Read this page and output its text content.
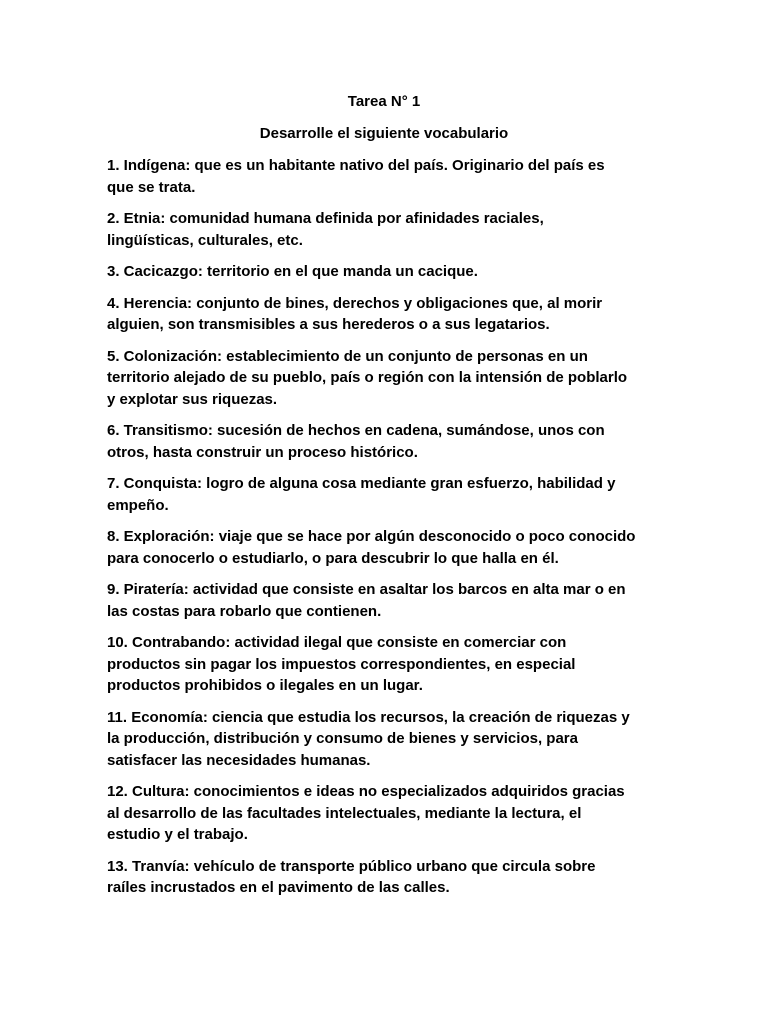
Tarea N° 1
Desarrolle el siguiente vocabulario
1. Indígena: que es un habitante nativo del país. Originario del país es
que se trata.
2. Etnia: comunidad humana definida por afinidades raciales,
lingüísticas, culturales, etc.
3. Cacicazgo: territorio en el que manda un cacique.
4. Herencia: conjunto de bines, derechos y obligaciones que, al morir
alguien, son transmisibles a sus herederos o a sus legatarios.
5. Colonización: establecimiento de un conjunto de personas en un
territorio alejado de su pueblo, país o región con la intensión de poblarlo
y explotar sus riquezas.
6. Transitismo: sucesión de hechos en cadena, sumándose, unos con
otros, hasta construir un proceso histórico.
7. Conquista: logro de alguna cosa mediante gran esfuerzo, habilidad y
empeño.
8. Exploración: viaje que se hace por algún desconocido o poco conocido
para conocerlo o estudiarlo, o para descubrir lo que halla en él.
9. Piratería: actividad que consiste en asaltar los barcos en alta mar o en
las costas para robarlo que contienen.
10. Contrabando: actividad ilegal que consiste en comerciar con
productos sin pagar los impuestos correspondientes, en especial
productos prohibidos o ilegales en un lugar.
11. Economía: ciencia que estudia los recursos, la creación de riquezas y
la producción, distribución y consumo de bienes y servicios, para
satisfacer las necesidades humanas.
12. Cultura: conocimientos e ideas no especializados adquiridos gracias
al desarrollo de las facultades intelectuales, mediante la lectura, el
estudio y el trabajo.
13. Tranvía: vehículo de transporte público urbano que circula sobre
raíles incrustados en el pavimento de las calles.
